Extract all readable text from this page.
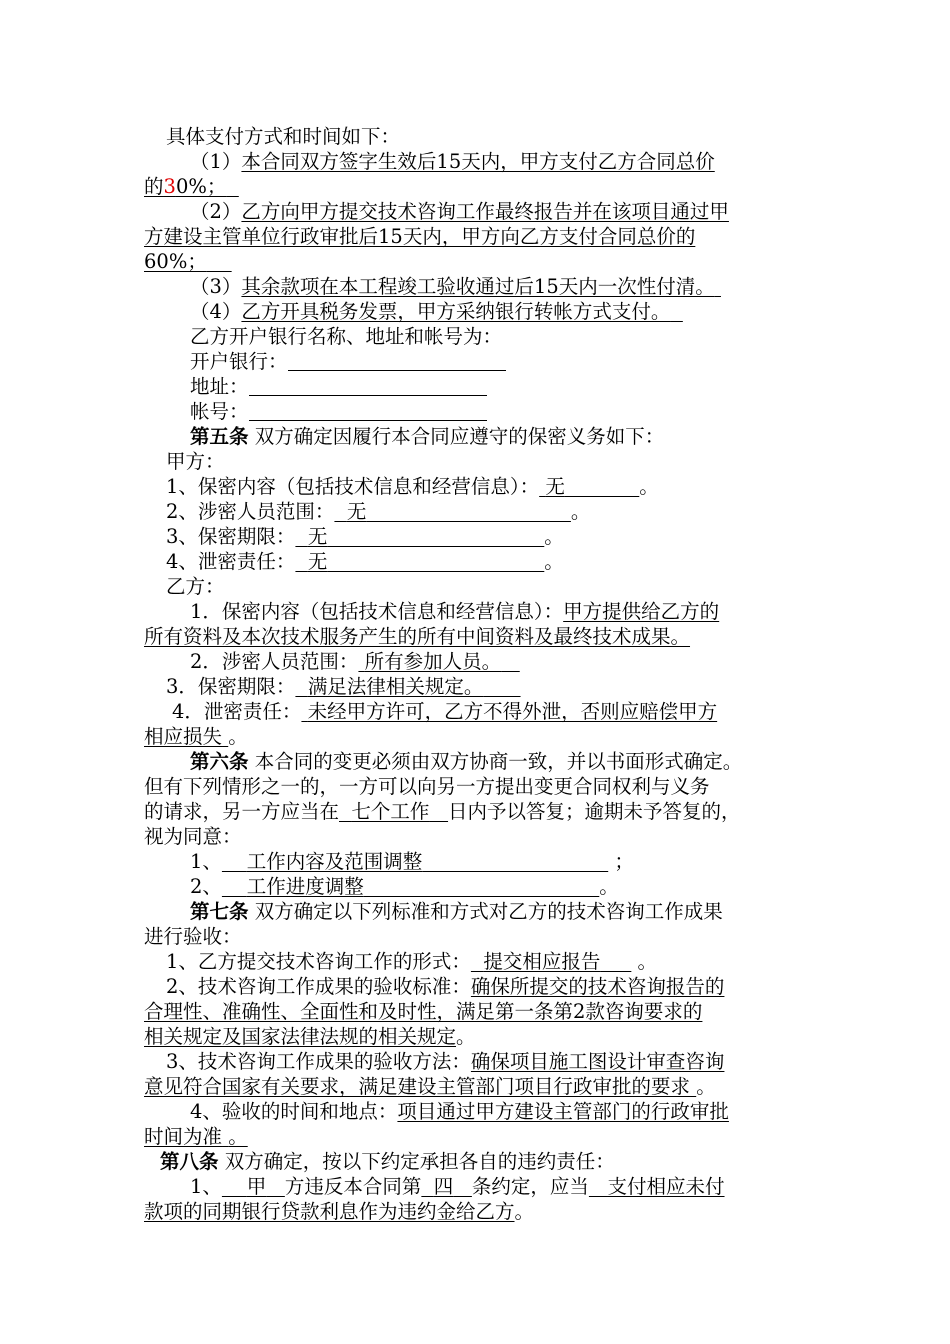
具体支付方式和时间如下：
（1）本合同双方签字生效后15天内，甲方支付乙方合同总价
的30%；
（2）乙方向甲方提交技术咨询工作最终报告并在该项目通过甲
方建设主管单位行政审批后15天内，甲方向乙方支付合同总价的
60%；
（3）其余款项在本工程竣工验收通过后15天内一次性付清。
（4）乙方开具税务发票，甲方采纳银行转帐方式支付。
乙方开户银行名称、地址和帐号为：
开户银行：
地址：
帐号：
第五条 双方确定因履行本合同应遵守的保密义务如下：
甲方：
1、保密内容（包括技术信息和经营信息）： 无	。
2、涉密人员范围： 无	。
3、保密期限： 无	。
4、泄密责任： 无	。
乙方：
1．保密内容（包括技术信息和经营信息）：甲方提供给乙方的
所有资料及本次技术服务产生的所有中间资料及最终技术成果。
2．涉密人员范围： 所有参加人员。
3．保密期限： 满足法律相关规定。
4．泄密责任： 未经甲方许可，乙方不得外泄，否则应赔偿甲方
相应损失 。
第六条 本合同的变更必须由双方协商一致，并以书面形式确定。
但有下列情形之一的，一方可以向另一方提出变更合同权利与义务
的请求，另一方应当在 七个工作 日内予以答复；逾期未予答复的，
视为同意：
1、 工作内容及范围调整	；
2、 工作进度调整	。
第七条 双方确定以下列标准和方式对乙方的技术咨询工作成果
进行验收：
1、乙方提交技术咨询工作的形式： 提交相应报告 。
2、技术咨询工作成果的验收标准：确保所提交的技术咨询报告的
合理性、准确性、全面性和及时性，满足第一条第2款咨询要求的
相关规定及国家法律法规的相关规定。
3、技术咨询工作成果的验收方法：确保项目施工图设计审查咨询
意见符合国家有关要求，满足建设主管部门项目行政审批的要求 。
4、验收的时间和地点：项目通过甲方建设主管部门的行政审批
时间为准 。
第八条 双方确定，按以下约定承担各自的违约责任：
1、 甲 方违反本合同第 四 条约定，应当 支付相应未付
款项的同期银行贷款利息作为违约金给乙方。
